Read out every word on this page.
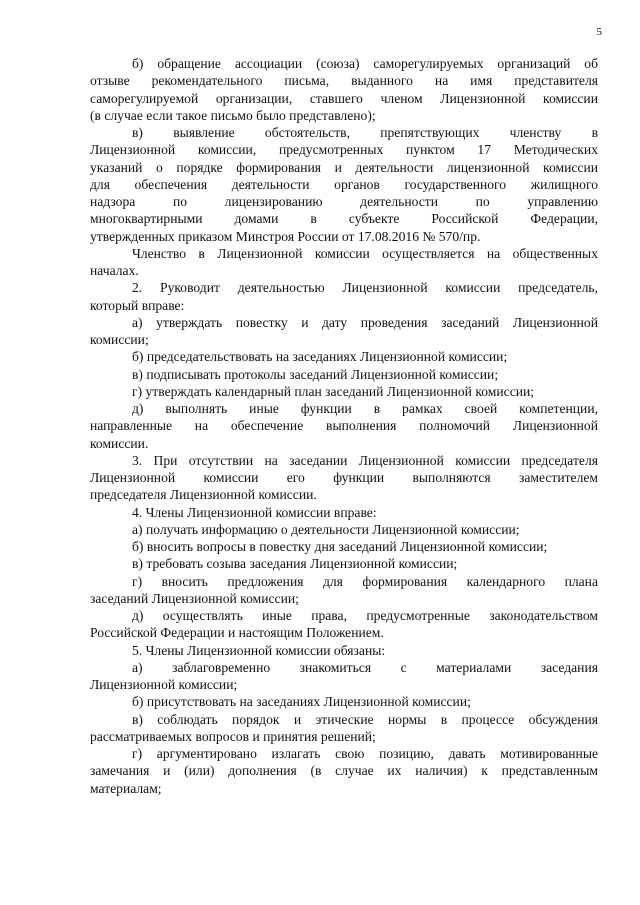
5
б) обращение ассоциации (союза) саморегулируемых организаций об
отзыве рекомендательного письма, выданного на имя представителя
саморегулируемой организации, ставшего членом Лицензионной комиссии
(в случае если такое письмо было представлено);
в) выявление обстоятельств, препятствующих членству в
Лицензионной комиссии, предусмотренных пунктом 17 Методических
указаний о порядке формирования и деятельности лицензионной комиссии
для обеспечения деятельности органов государственного жилищного
надзора по лицензированию деятельности по управлению
многоквартирными домами в субъекте Российской Федерации,
утвержденных приказом Минстроя России от 17.08.2016 № 570/пр.
Членство в Лицензионной комиссии осуществляется на общественных
началах.
2. Руководит деятельностью Лицензионной комиссии председатель,
который вправе:
а) утверждать повестку и дату проведения заседаний Лицензионной
комиссии;
б) председательствовать на заседаниях Лицензионной комиссии;
в) подписывать протоколы заседаний Лицензионной комиссии;
г) утверждать календарный план заседаний Лицензионной комиссии;
д) выполнять иные функции в рамках своей компетенции,
направленные на обеспечение выполнения полномочий Лицензионной
комиссии.
3. При отсутствии на заседании Лицензионной комиссии председателя
Лицензионной комиссии его функции выполняются заместителем
председателя Лицензионной комиссии.
4. Члены Лицензионной комиссии вправе:
а) получать информацию о деятельности Лицензионной комиссии;
б) вносить вопросы в повестку дня заседаний Лицензионной комиссии;
в) требовать созыва заседания Лицензионной комиссии;
г) вносить предложения для формирования календарного плана
заседаний Лицензионной комиссии;
д) осуществлять иные права, предусмотренные законодательством
Российской Федерации и настоящим Положением.
5. Члены Лицензионной комиссии обязаны:
а) заблаговременно знакомиться с материалами заседания
Лицензионной комиссии;
б) присутствовать на заседаниях Лицензионной комиссии;
в) соблюдать порядок и этические нормы в процессе обсуждения
рассматриваемых вопросов и принятия решений;
г) аргументировано излагать свою позицию, давать мотивированные
замечания и (или) дополнения (в случае их наличия) к представленным
материалам;
